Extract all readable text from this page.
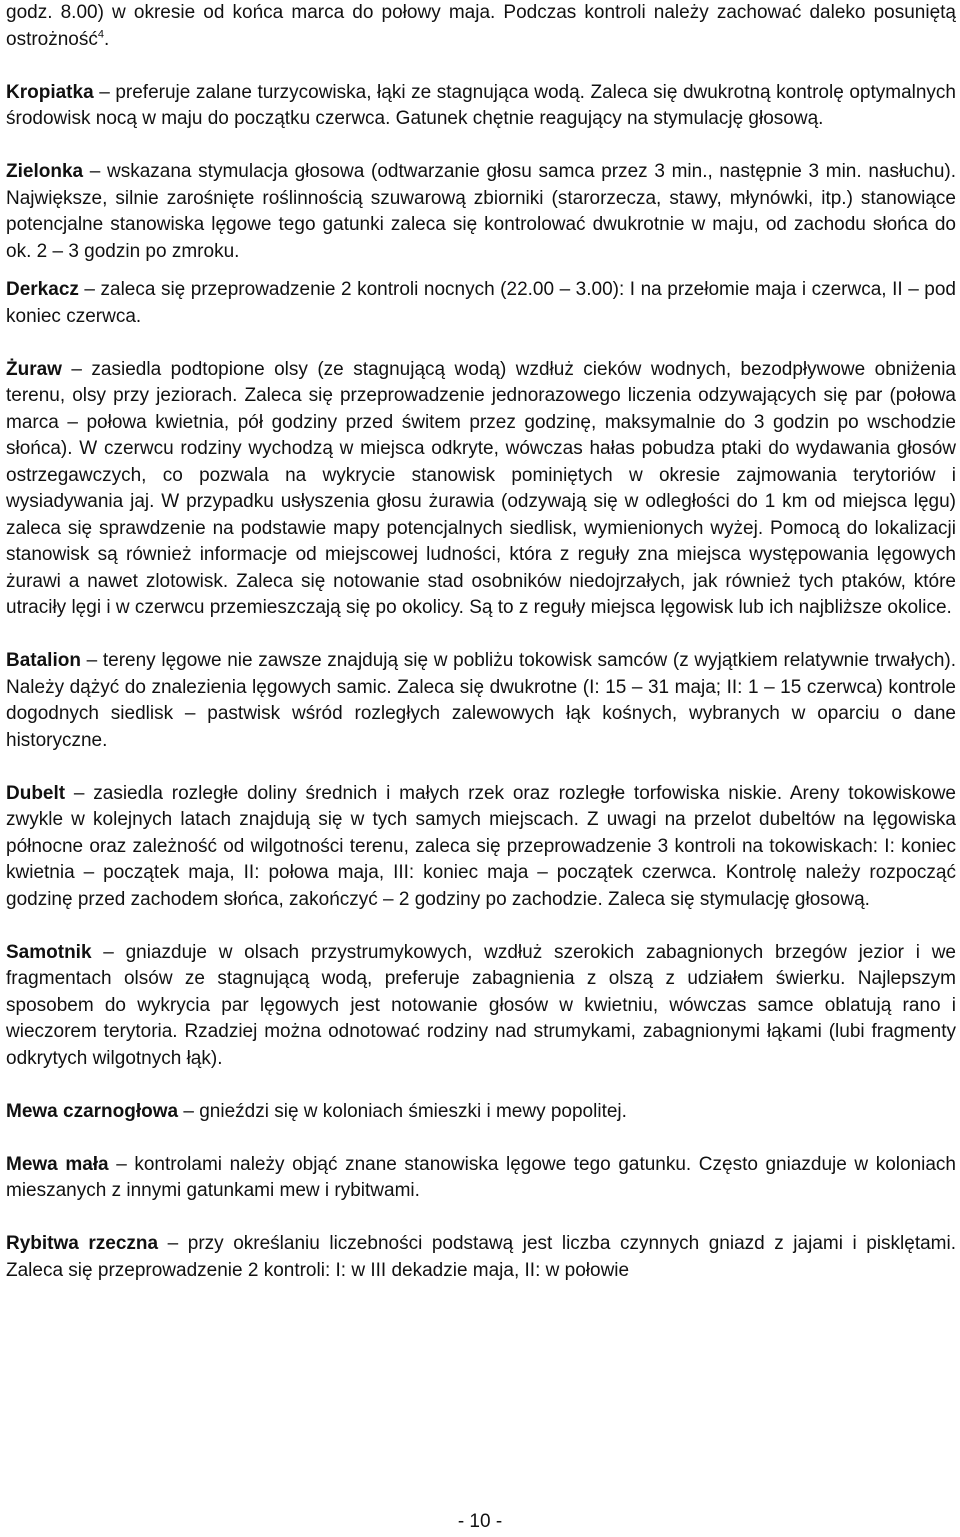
godz. 8.00) w okresie od końca marca do połowy maja. Podczas kontroli należy zachować daleko posuniętą ostrożność$^4$.

Kropiatka – preferuje zalane turzycowiska, łąki ze stagnująca wodą. Zaleca się dwukrotną kontrolę optymalnych środowisk nocą w maju do początku czerwca. Gatunek chętnie reagujący na stymulację głosową.

Zielonka – wskazana stymulacja głosowa (odtwarzanie głosu samca przez 3 min., następnie 3 min. nasłuchu). Największe, silnie zarośnięte roślinnością szuwarową zbiorniki (starorzecza, stawy, młynówki, itp.) stanowiące potencjalne stanowiska lęgowe tego gatunki zaleca się kontrolować dwukrotnie w maju, od zachodu słońca do ok. 2 – 3 godzin po zmroku.

Derkacz – zaleca się przeprowadzenie 2 kontroli nocnych (22.00 – 3.00): I na przełomie maja i czerwca, II – pod koniec czerwca.

Żuraw – zasiedla podtopione olsy (ze stagnującą wodą) wzdłuż cieków wodnych, bezodpływowe obniżenia terenu, olsy przy jeziorach. Zaleca się przeprowadzenie jednorazowego liczenia odzywających się par (połowa marca – połowa kwietnia, pół godziny przed świtem przez godzinę, maksymalnie do 3 godzin po wschodzie słońca). W czerwcu rodziny wychodzą w miejsca odkryte, wówczas hałas pobudza ptaki do wydawania głosów ostrzegawczych, co pozwala na wykrycie stanowisk pominiętych w okresie zajmowania terytoriów i wysiadywania jaj. W przypadku usłyszenia głosu żurawia (odzywają się w odległości do 1 km od miejsca lęgu) zaleca się sprawdzenie na podstawie mapy potencjalnych siedlisk, wymienionych wyżej. Pomocą do lokalizacji stanowisk są również informacje od miejscowej ludności, która z reguły zna miejsca występowania lęgowych żurawi a nawet zlotowisk. Zaleca się notowanie stad osobników niedojrzałych, jak również tych ptaków, które utraciły lęgi i w czerwcu przemieszczają się po okolicy. Są to z reguły miejsca lęgowisk lub ich najbliższe okolice.

Batalion – tereny lęgowe nie zawsze znajdują się w pobliżu tokowisk samców (z wyjątkiem relatywnie trwałych). Należy dążyć do znalezienia lęgowych samic. Zaleca się dwukrotne (I: 15 – 31 maja; II: 1 – 15 czerwca) kontrole dogodnych siedlisk – pastwisk wśród rozległych zalewowych łąk kośnych, wybranych w oparciu o dane historyczne.

Dubelt – zasiedla rozległe doliny średnich i małych rzek oraz rozległe torfowiska niskie. Areny tokowiskowe zwykle w kolejnych latach znajdują się w tych samych miejscach. Z uwagi na przelot dubeltów na lęgowiska północne oraz zależność od wilgotności terenu, zaleca się przeprowadzenie 3 kontroli na tokowiskach: I: koniec kwietnia – początek maja, II: połowa maja, III: koniec maja – początek czerwca. Kontrolę należy rozpocząć godzinę przed zachodem słońca, zakończyć – 2 godziny po zachodzie. Zaleca się stymulację głosową.

Samotnik – gniazduje w olsach przystrumykowych, wzdłuż szerokich zabagnionych brzegów jezior i we fragmentach olsów ze stagnującą wodą, preferuje zabagnienia z olszą z udziałem świerku. Najlepszym sposobem do wykrycia par lęgowych jest notowanie głosów w kwietniu, wówczas samce oblatują rano i wieczorem terytoria. Rzadziej można odnotować rodziny nad strumykami, zabagnionymi łąkami (lubi fragmenty odkrytych wilgotnych łąk).

Mewa czarnogłowa – gnieździ się w koloniach śmieszki i mewy popolitej.

Mewa mała – kontrolami należy objąć znane stanowiska lęgowe tego gatunku. Często gniazduje w koloniach mieszanych z innymi gatunkami mew i rybitwami.

Rybitwa rzeczna – przy określaniu liczebności podstawą jest liczba czynnych gniazd z jajami i pisklętami. Zaleca się przeprowadzenie 2 kontroli: I: w III dekadzie maja, II: w połowie

- 10 -
